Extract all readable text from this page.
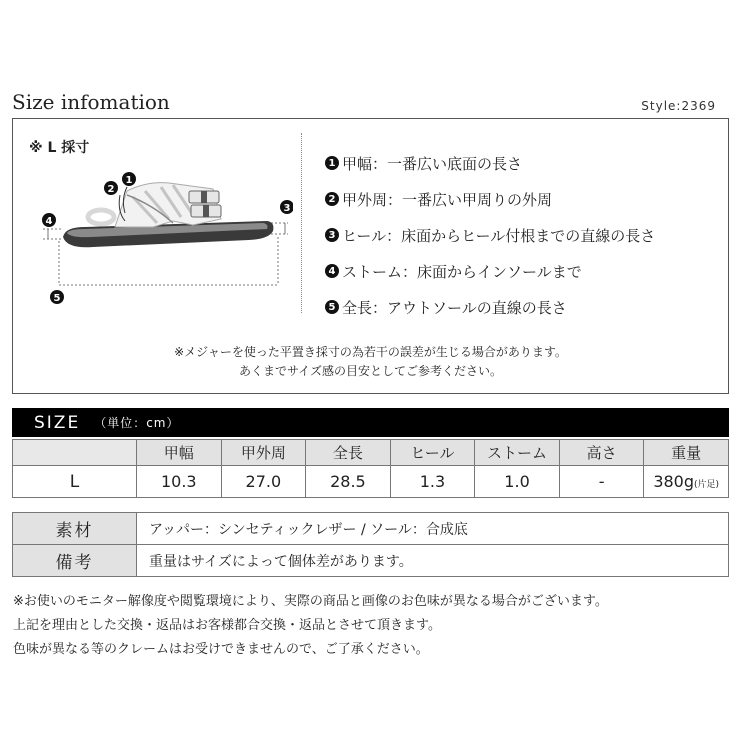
Size infomation	Style:2369
※ L 採寸
1
2
3
4
5
1 甲幅：一番広い底面の長さ
2 甲外周：一番広い甲周りの外周
3 ヒール：床面からヒール付根までの直線の長さ
4 ストーム：床面からインソールまで
5 全長：アウトソールの直線の長さ
※メジャーを使った平置き採寸の為若干の誤差が生じる場合があります。
あくまでサイズ感の目安としてご参考ください。
SIZE （単位：cm）
	甲幅	甲外周	全長	ヒール	ストーム	高さ	重量
L	10.3	27.0	28.5	1.3	1.0	-	380g(片足)
素材	アッパー：シンセティックレザー / ソール：合成底
備考	重量はサイズによって個体差があります。
※お使いのモニター解像度や閲覧環境により、実際の商品と画像のお色味が異なる場合がございます。
上記を理由とした交換・返品はお客様都合交換・返品とさせて頂きます。
色味が異なる等のクレームはお受けできませんので、ご了承ください。
